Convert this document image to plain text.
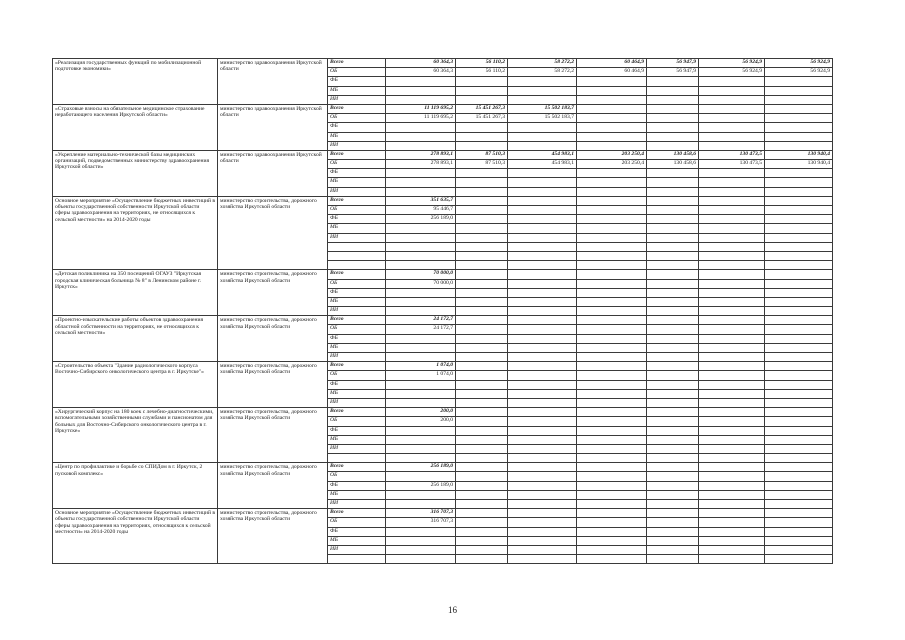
«Реализация государственных функций по мобилизационной подготовке экономики»	министерство здравоохранения Иркутской области	Всего	60 364,3	56 110,2	58 272,2	60 464,9	56 947,9	56 924,9	56 924,9
		ОБ	60 364,3	56 110,2	58 272,2	60 464,9	56 947,9	56 924,9	56 924,9
		ФБ							
		МБ							
		ИИ							
«Страховые взносы на обязательное медицинское страхование неработающего населения Иркутской области»	министерство здравоохранения Иркутской области	Всего	11 119 695,2	15 451 267,3	15 502 183,7				
		ОБ	11 119 695,2	15 451 267,3	15 502 183,7				
		ФБ							
		МБ							
		ИИ							
«Укрепление материально-технической базы медицинских организаций, подведомственных министерству здравоохранения Иркутской области»	министерство здравоохранения Иркутской области	Всего	278 893,1	87 510,3	454 983,1	203 250,4	130 458,6	130 473,5	130 940,4
		ОБ	278 893,1	87 510,3	454 983,1	203 250,4	130 458,6	130 473,5	130 940,4
		ФБ							
		МБ							
		ИИ							
Основное мероприятие «Осуществление бюджетных инвестиций в объекты государственной собственности Иркутской области сферы здравоохранения на территориях, не относящихся к сельской местности» на 2014-2020 годы	министерство строительства, дорожного хозяйства Иркутской области	Всего	351 635,7						
		ОБ	95 446,7						
		ФБ	256 189,0						
		МБ							
		ИИ							

«Детская поликлиника на 350 посещений ОГАУЗ "Иркутская городская клиническая больница № 8" в Ленинском районе г. Иркутск»	министерство строительства, дорожного хозяйства Иркутской области	Всего	70 000,0						
		ОБ	70 000,0						
		ФБ							
		МБ							
		ИИ							
«Проектно-изыскательские работы объектов здравоохранения областной собственности на территориях, не относящихся к сельской местности»	министерство строительства, дорожного хозяйства Иркутской области	Всего	24 172,7						
		ОБ	24 172,7						
		ФБ							
		МБ							
		ИИ							
«Строительство объекта "Здание радиологического корпуса Восточно-Сибирского онкологического центра в г. Иркутске"»	министерство строительства, дорожного хозяйства Иркутской области	Всего	1 074,0						
		ОБ	1 074,0						
		ФБ							
		МБ							
		ИИ							
«Хирургический корпус на 180 коек с лечебно-диагностическими, вспомогательными хозяйственными службами и пансионатом для больных для Восточно-Сибирского онкологического центра в г. Иркутске»	министерство строительства, дорожного хозяйства Иркутской области	Всего	200,0						
		ОБ	200,0						
		ФБ							
		МБ							
		ИИ							

«Центр по профилактике и борьбе со СПИДом в г. Иркутск, 2 пусковой комплекс»	министерство строительства, дорожного хозяйства Иркутской области	Всего	256 189,0						
		ОБ							
		ФБ	256 189,0						
		МБ							
		ИИ							
Основное мероприятие «Осуществление бюджетных инвестиций в объекты государственной собственности Иркутской области сферы здравоохранения на территориях, относящихся к сельской местности» на 2014-2020 годы	министерство строительства, дорожного хозяйства Иркутской области	Всего	316 707,3						
		ОБ	316 707,3						
		ФБ							
		МБ							
		ИИ							

16
